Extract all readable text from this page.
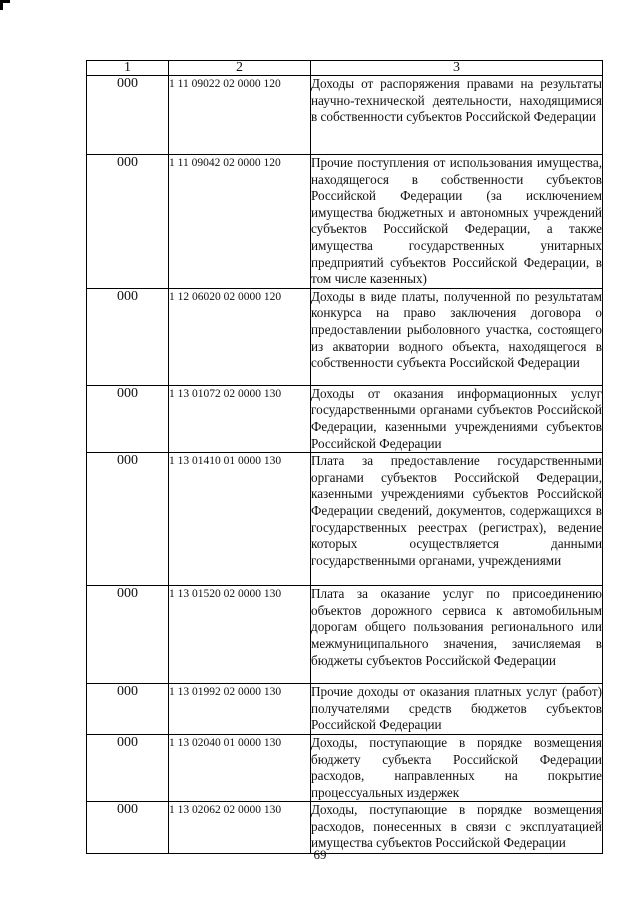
1	2	3
000	1 11 09022 02 0000 120	Доходы от распоряжения правами на результаты научно-технической деятельности, находящимися в собственности субъектов Российской Федерации
000	1 11 09042 02 0000 120	Прочие поступления от использования имущества, находящегося в собственности субъектов Российской Федерации (за исключением имущества бюджетных и автономных учреждений субъектов Российской Федерации, а также имущества государственных унитарных предприятий субъектов Российской Федерации, в том числе казенных)
000	1 12 06020 02 0000 120	Доходы в виде платы, полученной по результатам конкурса на право заключения договора о предоставлении рыболовного участка, состоящего из акватории водного объекта, находящегося в собственности субъекта Российской Федерации
000	1 13 01072 02 0000 130	Доходы от оказания информационных услуг государственными органами субъектов Российской Федерации, казенными учреждениями субъектов Российской Федерации
000	1 13 01410 01 0000 130	Плата за предоставление государственными органами субъектов Российской Федерации, казенными учреждениями субъектов Российской Федерации сведений, документов, содержащихся в государственных реестрах (регистрах), ведение которых осуществляется данными государственными органами, учреждениями
000	1 13 01520 02 0000 130	Плата за оказание услуг по присоединению объектов дорожного сервиса к автомобильным дорогам общего пользования регионального или межмуниципального значения, зачисляемая в бюджеты субъектов Российской Федерации
000	1 13 01992 02 0000 130	Прочие доходы от оказания платных услуг (работ) получателями средств бюджетов субъектов Российской Федерации
000	1 13 02040 01 0000 130	Доходы, поступающие в порядке возмещения бюджету субъекта Российской Федерации расходов, направленных на покрытие процессуальных издержек
000	1 13 02062 02 0000 130	Доходы, поступающие в порядке возмещения расходов, понесенных в связи с эксплуатацией имущества субъектов Российской Федерации
69
